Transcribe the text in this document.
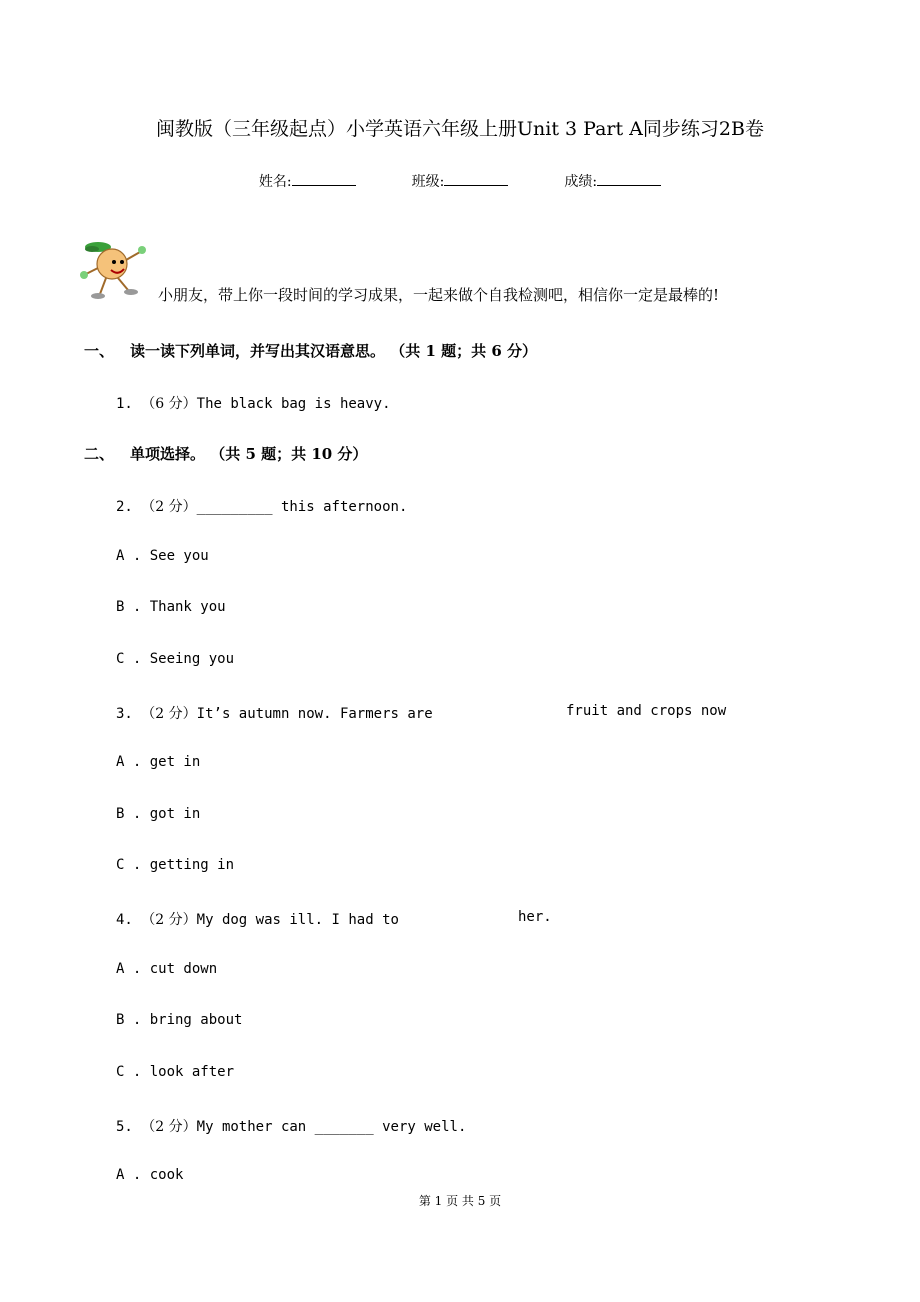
闽教版（三年级起点）小学英语六年级上册Unit 3 Part A同步练习2B卷
姓名:	班级:	成绩:
小朋友，带上你一段时间的学习成果，一起来做个自我检测吧，相信你一定是最棒的!
一、 读一读下列单词，并写出其汉语意思。 （共 1 题；共 6 分）
1. （6 分）The black bag is heavy.
二、 单项选择。 （共 5 题；共 10 分）
2. （2 分）_________ this afternoon.
A . See you
B . Thank you
C . Seeing you
3. （2 分）It’s autumn now. Farmers are	fruit and crops now
A . get in
B . got in
C . getting in
4. （2 分）My dog was ill. I had to	her.
A . cut down
B . bring about
C . look after
5. （2 分）My mother can _______ very well.
A . cook
第 1 页 共 5 页
